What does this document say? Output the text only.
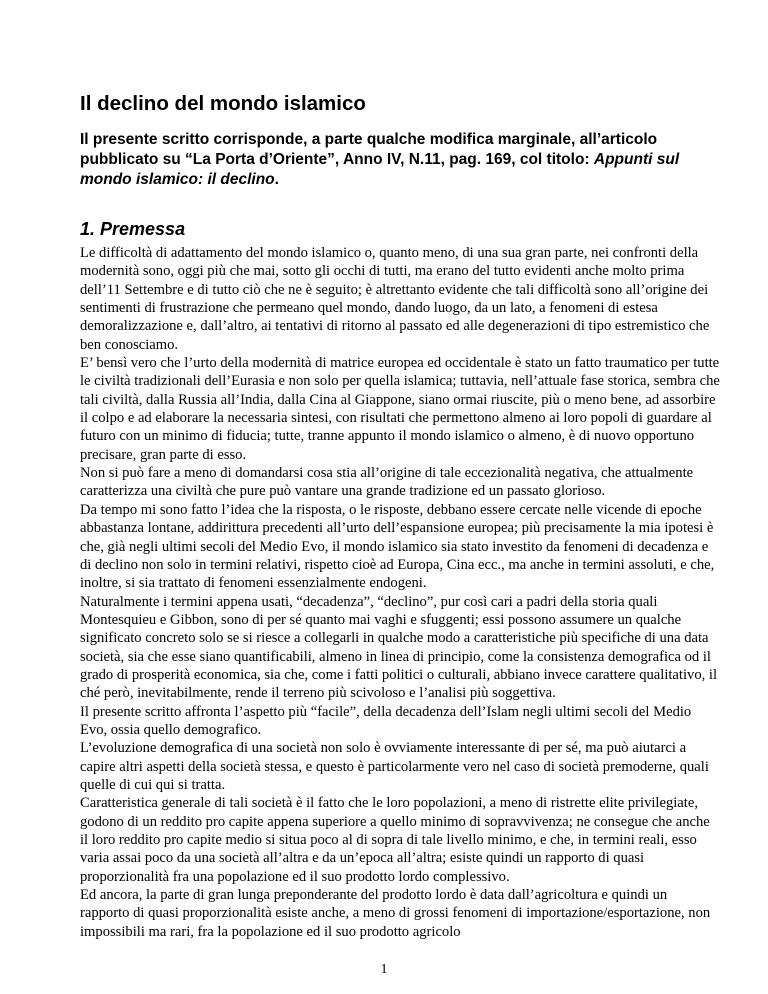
Il declino del mondo islamico

Il presente scritto corrisponde, a parte qualche modifica marginale, all’articolo pubblicato su “La Porta d’Oriente”, Anno IV, N.11, pag. 169, col titolo: Appunti sul mondo islamico: il declino.

1. Premessa

Le difficoltà di adattamento del mondo islamico o, quanto meno, di una sua gran parte, nei confronti della modernità sono, oggi più che mai, sotto gli occhi di tutti, ma erano del tutto evidenti anche molto prima dell’11 Settembre e di tutto ciò che ne è seguito; è altrettanto evidente che tali difficoltà sono all’origine dei sentimenti di frustrazione che permeano quel mondo, dando luogo, da un lato, a fenomeni di estesa demoralizzazione e, dall’altro, ai tentativi di ritorno al passato ed alle degenerazioni di tipo estremistico che ben conosciamo.

E’ bensì vero che l’urto della modernità di matrice europea ed occidentale è stato un fatto traumatico per tutte le civiltà tradizionali dell’Eurasia e non solo per quella islamica; tuttavia, nell’attuale fase storica, sembra che tali civiltà, dalla Russia all’India, dalla Cina al Giappone, siano ormai riuscite, più o meno bene, ad assorbire il colpo e ad elaborare la necessaria sintesi, con risultati che permettono almeno ai loro popoli di guardare al futuro con un minimo di fiducia; tutte, tranne appunto il mondo islamico o almeno, è di nuovo opportuno precisare, gran parte di esso.

Non si può fare a meno di domandarsi cosa stia all’origine di tale eccezionalità negativa, che attualmente caratterizza una civiltà che pure può vantare una grande tradizione ed un passato glorioso.

Da tempo mi sono fatto l’idea che la risposta, o le risposte, debbano essere cercate nelle vicende di epoche abbastanza lontane, addirittura precedenti all’urto dell’espansione europea; più precisamente la mia ipotesi è che, già negli ultimi secoli del Medio Evo, il mondo islamico sia stato investito da fenomeni di decadenza e di declino non solo in termini relativi, rispetto cioè ad Europa, Cina ecc., ma anche in termini assoluti, e che, inoltre, si sia trattato di fenomeni essenzialmente endogeni.

Naturalmente i termini appena usati, “decadenza”, “declino”, pur così cari a padri della storia quali Montesquieu e Gibbon, sono di per sé quanto mai vaghi e sfuggenti; essi possono assumere un qualche significato concreto solo se si riesce a collegarli in qualche modo a caratteristiche più specifiche di una data società, sia che esse siano quantificabili, almeno in linea di principio, come la consistenza demografica od il grado di prosperità economica, sia che, come i fatti politici o culturali, abbiano invece carattere qualitativo, il ché però, inevitabilmente, rende il terreno più scivoloso e l’analisi più soggettiva.

Il presente scritto affronta l’aspetto più “facile”, della decadenza dell’Islam negli ultimi secoli del Medio Evo, ossia quello demografico.

L’evoluzione demografica di una società non solo è ovviamente interessante di per sé, ma può aiutarci a capire altri aspetti della società stessa, e questo è particolarmente vero nel caso di società premoderne, quali quelle di cui qui si tratta.

Caratteristica generale di tali società è il fatto che le loro popolazioni, a meno di ristrette elite privilegiate, godono di un reddito pro capite appena superiore a quello minimo di sopravvivenza; ne consegue che anche il loro reddito pro capite medio si situa poco al di sopra di tale livello minimo, e che, in termini reali, esso varia assai poco da una società all’altra e da un’epoca all’altra; esiste quindi un rapporto di quasi proporzionalità fra una popolazione ed il suo prodotto lordo complessivo.

Ed ancora, la parte di gran lunga preponderante del prodotto lordo è data dall’agricoltura e quindi un rapporto di quasi proporzionalità esiste anche, a meno di grossi fenomeni di importazione/esportazione, non impossibili ma rari, fra la popolazione ed il suo prodotto agricolo

1
